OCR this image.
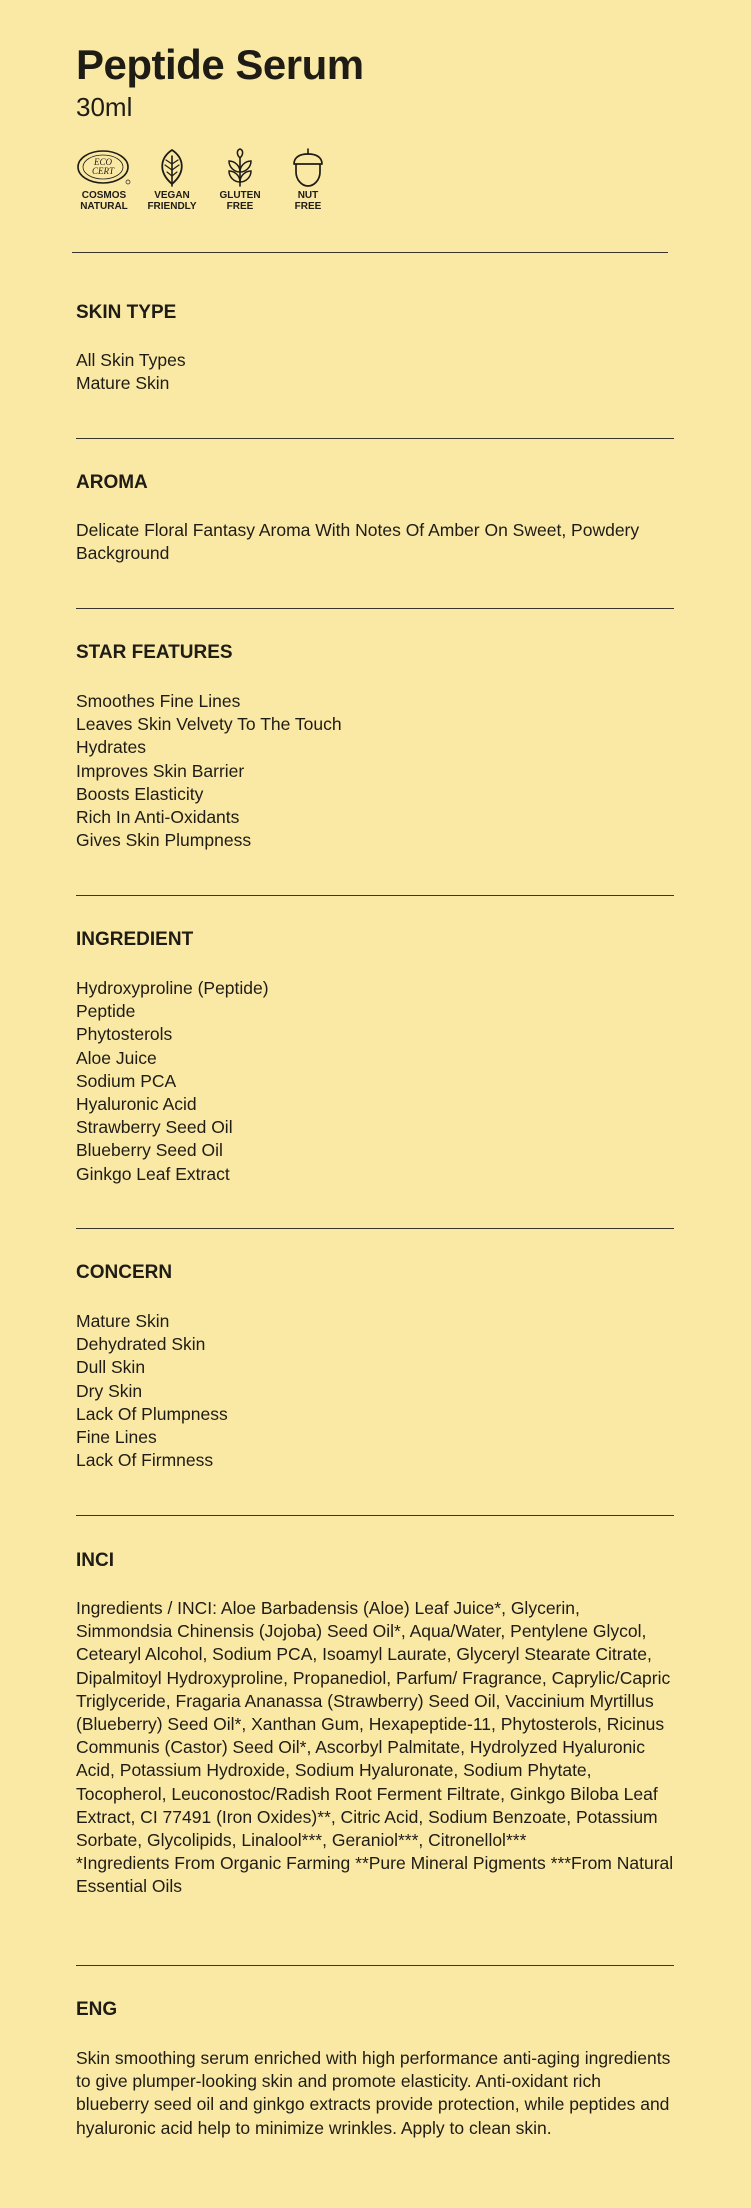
Peptide Serum
30ml
ECO
CERT
COSMOS
NATURAL
VEGAN
FRIENDLY
GLUTEN
FREE
NUT
FREE
SKIN TYPE
All Skin Types
Mature Skin
AROMA

Delicate Floral Fantasy Aroma With Notes Of Amber On Sweet, Powdery Background

STAR FEATURES
Smoothes Fine Lines
Leaves Skin Velvety To The Touch
Hydrates
Improves Skin Barrier
Boosts Elasticity
Rich In Anti-Oxidants
Gives Skin Plumpness
INGREDIENT
Hydroxyproline (Peptide)
Peptide
Phytosterols
Aloe Juice
Sodium PCA
Hyaluronic Acid
Strawberry Seed Oil
Blueberry Seed Oil
Ginkgo Leaf Extract
CONCERN
Mature Skin
Dehydrated Skin
Dull Skin
Dry Skin
Lack Of Plumpness
Fine Lines
Lack Of Firmness
INCI

Ingredients / INCI: Aloe Barbadensis (Aloe) Leaf Juice*, Glycerin, Simmondsia Chinensis (Jojoba) Seed Oil*, Aqua/Water, Pentylene Glycol, Cetearyl Alcohol, Sodium PCA, Isoamyl Laurate, Glyceryl Stearate Citrate, Dipalmitoyl Hydroxyproline, Propanediol, Parfum/ Fragrance, Caprylic/Capric Triglyceride, Fragaria Ananassa (Strawberry) Seed Oil, Vaccinium Myrtillus (Blueberry) Seed Oil*, Xanthan Gum, Hexapeptide-11, Phytosterols, Ricinus Communis (Castor) Seed Oil*, Ascorbyl Palmitate, Hydrolyzed Hyaluronic Acid, Potassium Hydroxide, Sodium Hyaluronate, Sodium Phytate, Tocopherol, Leuconostoc/Radish Root Ferment Filtrate, Ginkgo Biloba Leaf Extract, CI 77491 (Iron Oxides)**, Citric Acid, Sodium Benzoate, Potassium Sorbate, Glycolipids, Linalool***, Geraniol***, Citronellol***
*Ingredients From Organic Farming **Pure Mineral Pigments ***From Natural Essential Oils

ENG

Skin smoothing serum enriched with high performance anti-aging ingredients to give plumper-looking skin and promote elasticity. Anti-oxidant rich blueberry seed oil and ginkgo extracts provide protection, while peptides and hyaluronic acid help to minimize wrinkles. Apply to clean skin.
